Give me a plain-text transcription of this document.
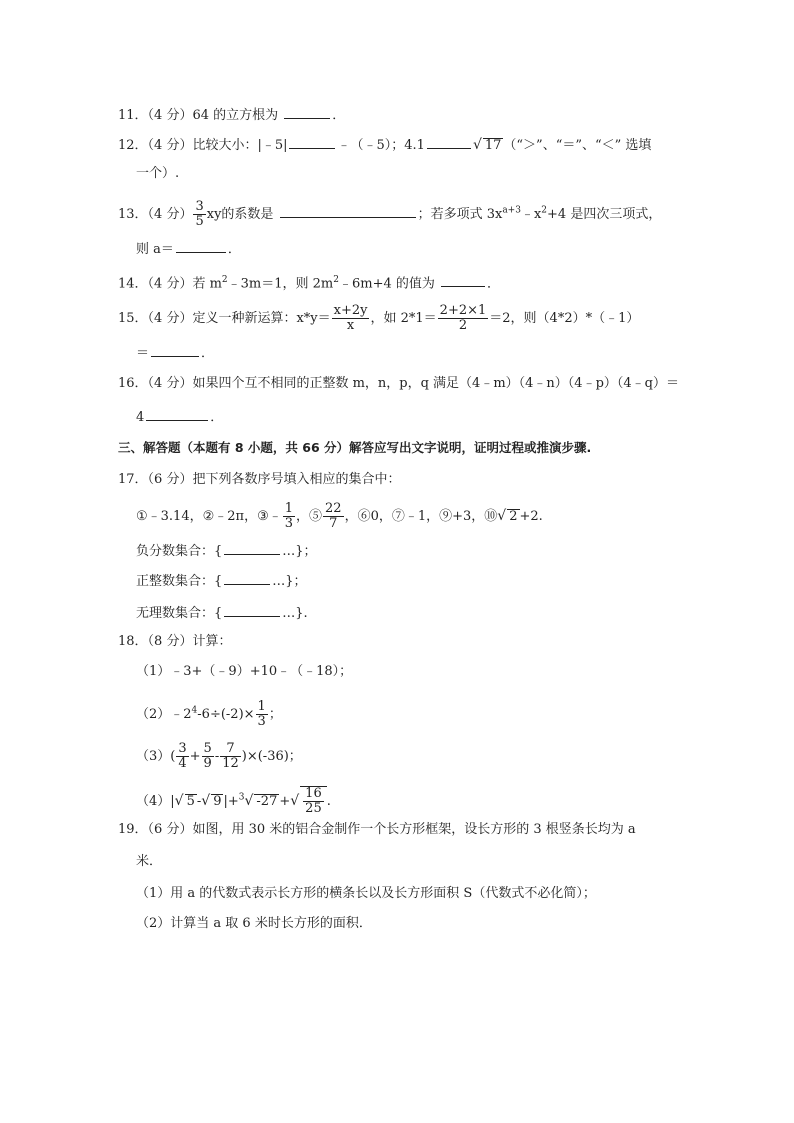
11．（4 分）64 的立方根为	．
12．（4 分）比较大小：|﹣5|	﹣（﹣5）；4.1	√ 17 （“＞”、“＝”、“＜” 选填
一个）.
13．（4 分） $\frac{3}{5}$ xy的系数是	；若多项式 $3x^{a+3}﹣x^2+4$ 是四次三项式，
则 a＝	．
14．（4 分）若 $m^2﹣3m=1$，则 $2m^2﹣6m+4$ 的值为	．
15．（4 分）定义一种新运算：$x*y= \frac{x+2y}{x}$ ，如 $2*1= \frac{2+2\times 1}{2} =2$，则（4*2）*（﹣1）
＝	．
16．（4 分）如果四个互不相同的正整数 m，n，p，q 满足（4﹣m）（4﹣n）（4﹣p）（4﹣q）＝
4	．
三、解答题（本题有 8 小题，共 66 分）解答应写出文字说明，证明过程或推演步骤.
17．（6 分）把下列各数序号填入相应的集合中：
①﹣3.14，②﹣2π，③﹣ $\frac{1}{3}$ ，⑤ $\frac{22}{7}$ ，⑥0，⑦﹣1，⑨+3，⑩√ 2 +2.
负分数集合：{	…}；
正整数集合：{	…}；
无理数集合：{	…}.
18．（8 分）计算：
（1）﹣3+（﹣9）+10﹣（﹣18）；
$(2)﹣2^4-6\div(-2)\times \frac{1}{3}$ ；
$(3)( \frac{3}{4} + \frac{5}{9} - \frac{7}{12} )\times(-36)$；
（4）|√ 5 -√ 9 |+$^3$√ -27 +√ $\frac{16}{25}$ .
19．（6 分）如图，用 30 米的铝合金制作一个长方形框架，设长方形的 3 根竖条长均为 a
米．
（1）用 a 的代数式表示长方形的横条长以及长方形面积 S（代数式不必化简）；
（2）计算当 a 取 6 米时长方形的面积．
